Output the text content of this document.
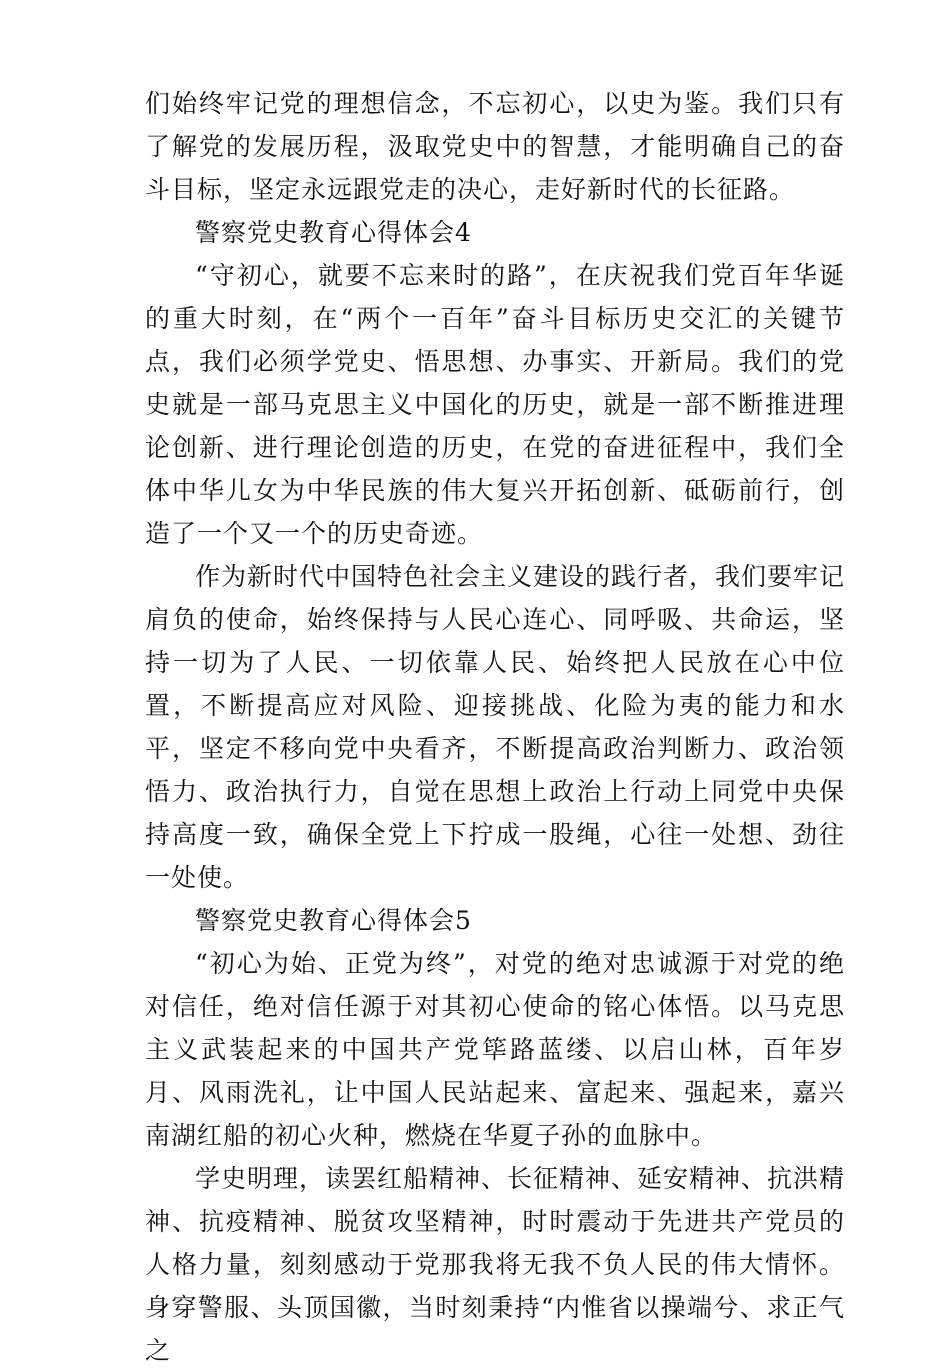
们始终牢记党的理想信念，不忘初心，以史为鉴。我们只有了解党的发展历程，汲取党史中的智慧，才能明确自己的奋斗目标，坚定永远跟党走的决心，走好新时代的长征路。

警察党史教育心得体会4

“守初心，就要不忘来时的路”，在庆祝我们党百年华诞的重大时刻，在“两个一百年”奋斗目标历史交汇的关键节点，我们必须学党史、悟思想、办事实、开新局。我们的党史就是一部马克思主义中国化的历史，就是一部不断推进理论创新、进行理论创造的历史，在党的奋进征程中，我们全体中华儿女为中华民族的伟大复兴开拓创新、砥砺前行，创造了一个又一个的历史奇迹。

作为新时代中国特色社会主义建设的践行者，我们要牢记肩负的使命，始终保持与人民心连心、同呼吸、共命运，坚持一切为了人民、一切依靠人民、始终把人民放在心中位置，不断提高应对风险、迎接挑战、化险为夷的能力和水平，坚定不移向党中央看齐，不断提高政治判断力、政治领悟力、政治执行力，自觉在思想上政治上行动上同党中央保持高度一致，确保全党上下拧成一股绳，心往一处想、劲往一处使。

警察党史教育心得体会5

“初心为始、正党为终”，对党的绝对忠诚源于对党的绝对信任，绝对信任源于对其初心使命的铭心体悟。以马克思主义武装起来的中国共产党筚路蓝缕、以启山林，百年岁月、风雨洗礼，让中国人民站起来、富起来、强起来，嘉兴南湖红船的初心火种，燃烧在华夏子孙的血脉中。

学史明理，读罢红船精神、长征精神、延安精神、抗洪精神、抗疫精神、脱贫攻坚精神，时时震动于先进共产党员的人格力量，刻刻感动于党那我将无我不负人民的伟大情怀。身穿警服、头顶国徽，当时刻秉持“内惟省以操端兮、求正气之
